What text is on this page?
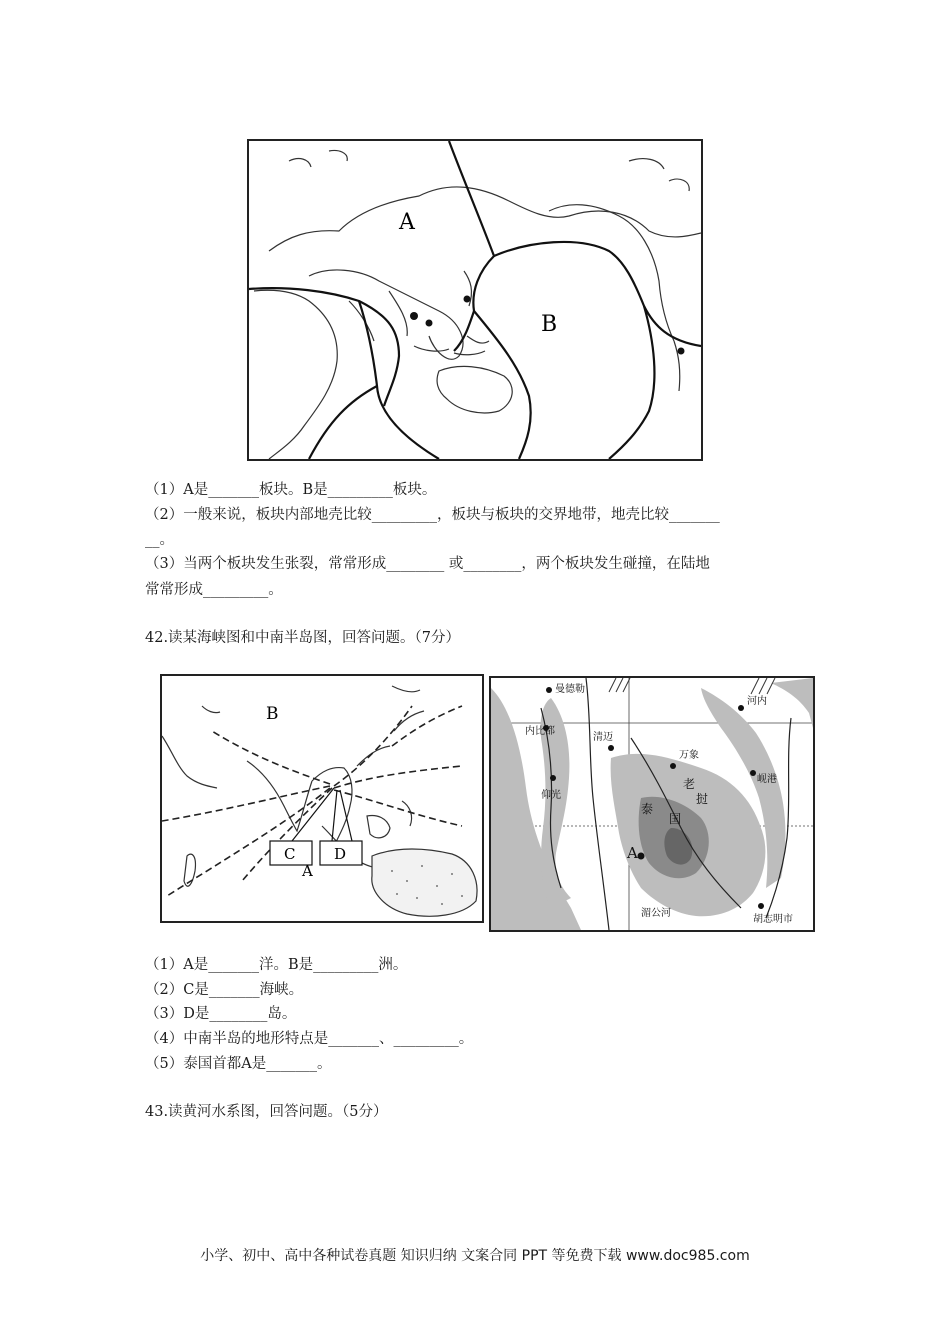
A
B
（1）A是_______板块。B是_________板块。
（2）一般来说，板块内部地壳比较_________，板块与板块的交界地带，地壳比较_______
__。
（3）当两个板块发生张裂，常常形成________ 或________，两个板块发生碰撞，在陆地
常常形成_________。
42.读某海峡图和中南半岛图，回答问题。（7分）
C	D
B
A
曼德勒
内比都
仰光
清迈
万象
河内
岘港
老
挝
泰
国
A
胡志明市
湄公河
（1）A是_______洋。B是_________洲。
（2）C是_______海峡。
（3）D是________岛。
（4）中南半岛的地形特点是_______、_________。
（5）泰国首都A是_______。
43.读黄河水系图，回答问题。（5分）
小学、初中、高中各种试卷真题 知识归纳 文案合同 PPT 等免费下载 www.doc985.com
